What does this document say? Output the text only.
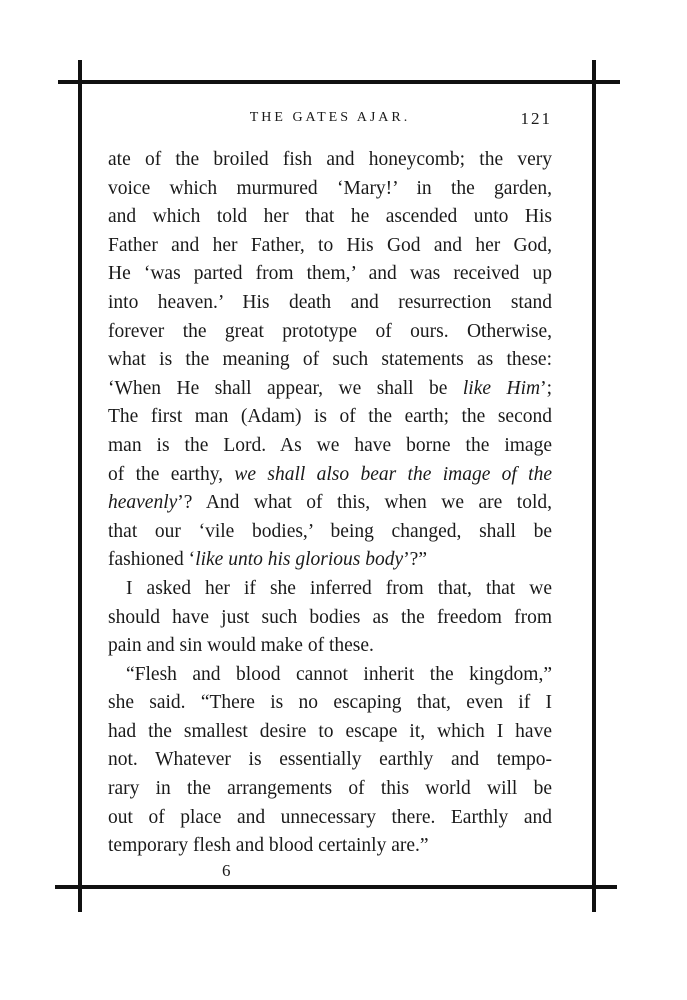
THE GATES AJAR.	121
ate of the broiled fish and honeycomb; the very
voice which murmured ‘Mary!’ in the garden,
and which told her that he ascended unto His
Father and her Father, to His God and her God,
He ‘was parted from them,’ and was received up
into heaven.’ His death and resurrection stand
forever the great prototype of ours. Otherwise,
what is the meaning of such statements as these:
‘When He shall appear, we shall be like Him’;
The first man (Adam) is of the earth; the second
man is the Lord. As we have borne the image
of the earthy, we shall also bear the image of the
heavenly’? And what of this, when we are told,
that our ‘vile bodies,’ being changed, shall be
fashioned ‘like unto his glorious body’?”
I asked her if she inferred from that, that we
should have just such bodies as the freedom from
pain and sin would make of these.
“Flesh and blood cannot inherit the kingdom,”
she said. “There is no escaping that, even if I
had the smallest desire to escape it, which I have
not. Whatever is essentially earthly and tempo-
rary in the arrangements of this world will be
out of place and unnecessary there. Earthly and
temporary flesh and blood certainly are.”
6
